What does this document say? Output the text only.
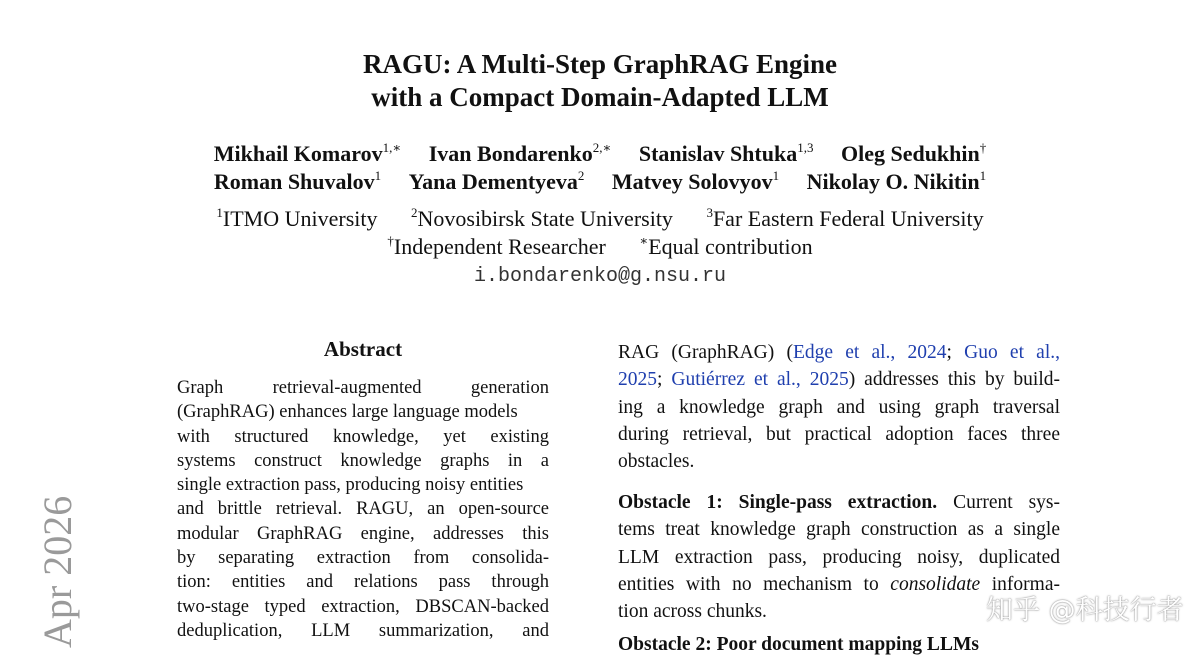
Apr 2026
RAGU: A Multi-Step GraphRAG Engine
with a Compact Domain-Adapted LLM
Mikhail Komarov$^{1,∗}$ Ivan Bondarenko$^{2,∗}$ Stanislav Shtuka$^{1,3}$ Oleg Sedukhin†
Roman Shuvalov$^1$ Yana Dementyeva$^2$ Matvey Solovyov$^1$ Nikolay O. Nikitin$^1$
$^1$ITMO University	$^2$Novosibirsk State University	$^3$Far Eastern Federal University
†Independent Researcher	∗Equal contribution
i.bondarenko@g.nsu.ru
Abstract
Graph retrieval-augmented generation
(GraphRAG) enhances large language models
with structured knowledge, yet existing
systems construct knowledge graphs in a
single extraction pass, producing noisy entities
and brittle retrieval. RAGU, an open-source
modular GraphRAG engine, addresses this
by separating extraction from consolida-
tion: entities and relations pass through
two-stage typed extraction, DBSCAN-backed
deduplication, LLM summarization, and
RAG (GraphRAG) (Edge et al., 2024; Guo et al.,
2025; Gutiérrez et al., 2025) addresses this by build-
ing a knowledge graph and using graph traversal
during retrieval, but practical adoption faces three
obstacles.
Obstacle 1: Single-pass extraction. Current sys-
tems treat knowledge graph construction as a single
LLM extraction pass, producing noisy, duplicated
entities with no mechanism to consolidate informa-
tion across chunks.
Obstacle 2: Poor document mapping LLMs
知乎 @科技行者
